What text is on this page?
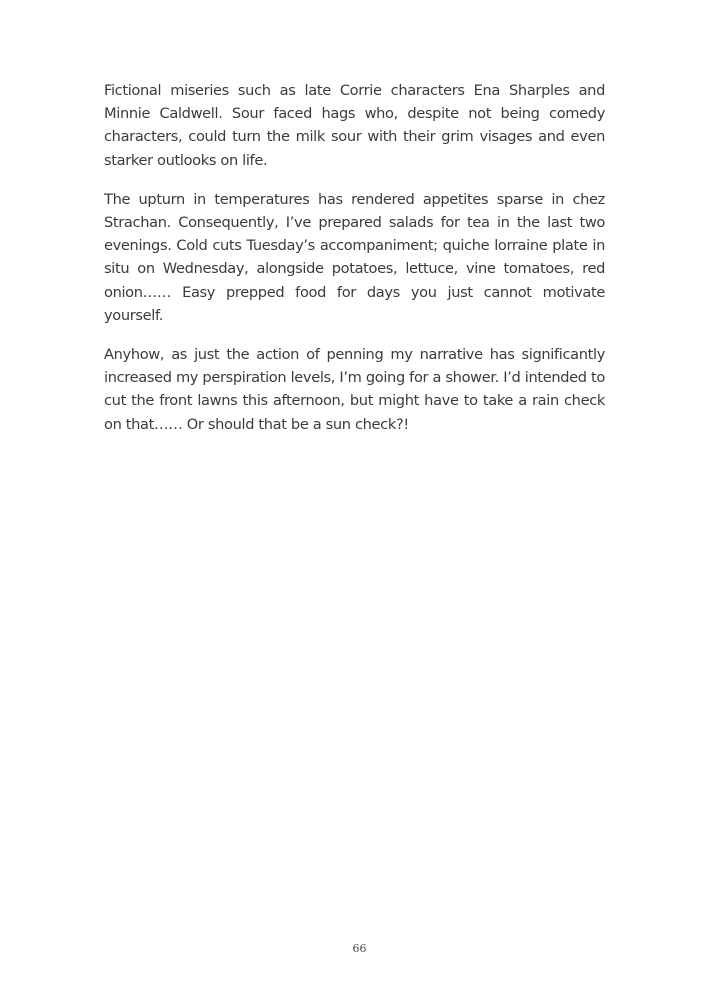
Fictional miseries such as late Corrie characters Ena Sharples and Minnie Caldwell. Sour faced hags who, despite not being comedy characters, could turn the milk sour with their grim visages and even starker outlooks on life.

The upturn in temperatures has rendered appetites sparse in chez Strachan. Consequently, I’ve prepared salads for tea in the last two evenings. Cold cuts Tuesday’s accompaniment; quiche lorraine plate in situ on Wednesday, alongside potatoes, lettuce, vine tomatoes, red onion…… Easy prepped food for days you just cannot motivate yourself.

Anyhow, as just the action of penning my narrative has significantly increased my perspiration levels, I’m going for a shower. I’d intended to cut the front lawns this afternoon, but might have to take a rain check on that…… Or should that be a sun check?!

66
